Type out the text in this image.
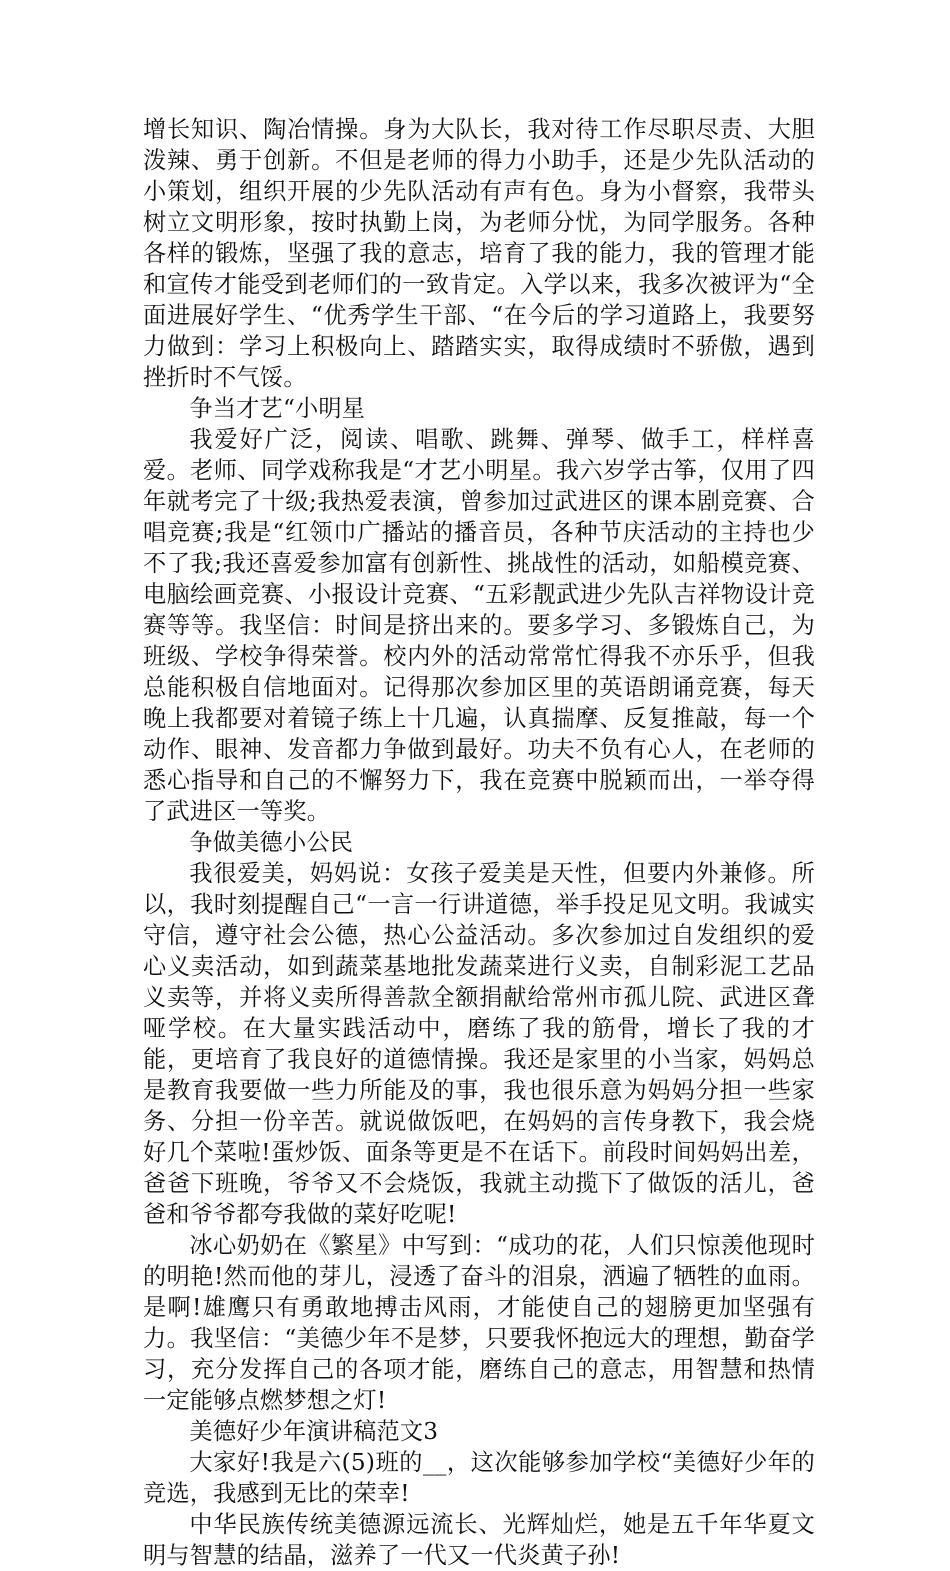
增长知识、陶冶情操。身为大队长，我对待工作尽职尽责、大胆泼辣、勇于创新。不但是老师的得力小助手，还是少先队活动的小策划，组织开展的少先队活动有声有色。身为小督察，我带头树立文明形象，按时执勤上岗，为老师分忧，为同学服务。各种各样的锻炼，坚强了我的意志，培育了我的能力，我的管理才能和宣传才能受到老师们的一致肯定。入学以来，我多次被评为“全面进展好学生、“优秀学生干部、“在今后的学习道路上，我要努力做到：学习上积极向上、踏踏实实，取得成绩时不骄傲，遇到挫折时不气馁。

争当才艺“小明星

我爱好广泛，阅读、唱歌、跳舞、弹琴、做手工，样样喜爱。老师、同学戏称我是“才艺小明星。我六岁学古筝，仅用了四年就考完了十级;我热爱表演，曾参加过武进区的课本剧竞赛、合唱竞赛;我是“红领巾广播站的播音员，各种节庆活动的主持也少不了我;我还喜爱参加富有创新性、挑战性的活动，如船模竞赛、电脑绘画竞赛、小报设计竞赛、“五彩靓武进少先队吉祥物设计竞赛等等。我坚信：时间是挤出来的。要多学习、多锻炼自己，为班级、学校争得荣誉。校内外的活动常常忙得我不亦乐乎，但我总能积极自信地面对。记得那次参加区里的英语朗诵竞赛，每天晚上我都要对着镜子练上十几遍，认真揣摩、反复推敲，每一个动作、眼神、发音都力争做到最好。功夫不负有心人，在老师的悉心指导和自己的不懈努力下，我在竞赛中脱颖而出，一举夺得了武进区一等奖。

争做美德小公民

我很爱美，妈妈说：女孩子爱美是天性，但要内外兼修。所以，我时刻提醒自己“一言一行讲道德，举手投足见文明。我诚实守信，遵守社会公德，热心公益活动。多次参加过自发组织的爱心义卖活动，如到蔬菜基地批发蔬菜进行义卖，自制彩泥工艺品义卖等，并将义卖所得善款全额捐献给常州市孤儿院、武进区聋哑学校。在大量实践活动中，磨练了我的筋骨，增长了我的才能，更培育了我良好的道德情操。我还是家里的小当家，妈妈总是教育我要做一些力所能及的事，我也很乐意为妈妈分担一些家务、分担一份辛苦。就说做饭吧，在妈妈的言传身教下，我会烧好几个菜啦!蛋炒饭、面条等更是不在话下。前段时间妈妈出差，爸爸下班晚，爷爷又不会烧饭，我就主动揽下了做饭的活儿，爸爸和爷爷都夸我做的菜好吃呢!

冰心奶奶在《繁星》中写到：“成功的花，人们只惊羡他现时的明艳!然而他的芽儿，浸透了奋斗的泪泉，洒遍了牺牲的血雨。是啊!雄鹰只有勇敢地搏击风雨，才能使自己的翅膀更加坚强有力。我坚信：“美德少年不是梦，只要我怀抱远大的理想，勤奋学习，充分发挥自己的各项才能，磨练自己的意志，用智慧和热情一定能够点燃梦想之灯!

美德好少年演讲稿范文3

大家好!我是六(5)班的__，这次能够参加学校“美德好少年的竞选，我感到无比的荣幸!

中华民族传统美德源远流长、光辉灿烂，她是五千年华夏文明与智慧的结晶，滋养了一代又一代炎黄子孙!
